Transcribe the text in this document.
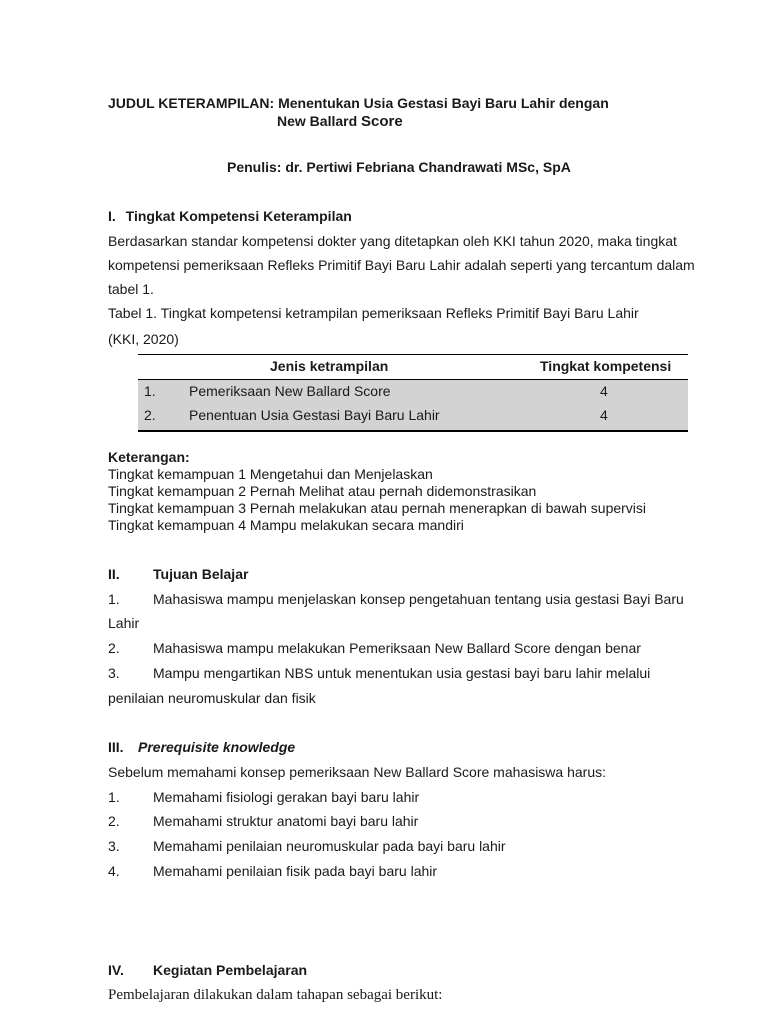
JUDUL KETERAMPILAN: Menentukan Usia Gestasi Bayi Baru Lahir dengan
New Ballard Score
Penulis: dr. Pertiwi Febriana Chandrawati MSc, SpA
I. Tingkat Kompetensi Keterampilan
Berdasarkan standar kompetensi dokter yang ditetapkan oleh KKI tahun 2020, maka tingkat
kompetensi pemeriksaan Refleks Primitif Bayi Baru Lahir adalah seperti yang tercantum dalam
tabel 1.
Tabel 1. Tingkat kompetensi ketrampilan pemeriksaan Refleks Primitif Bayi Baru Lahir
(KKI, 2020)
Jenis ketrampilan	Tingkat kompetensi
1. Pemeriksaan New Ballard Score	4
2. Penentuan Usia Gestasi Bayi Baru Lahir	4
Keterangan:
Tingkat kemampuan 1 Mengetahui dan Menjelaskan
Tingkat kemampuan 2 Pernah Melihat atau pernah didemonstrasikan
Tingkat kemampuan 3 Pernah melakukan atau pernah menerapkan di bawah supervisi
Tingkat kemampuan 4 Mampu melakukan secara mandiri
II. Tujuan Belajar
1. Mahasiswa mampu menjelaskan konsep pengetahuan tentang usia gestasi Bayi Baru
Lahir
2. Mahasiswa mampu melakukan Pemeriksaan New Ballard Score dengan benar
3. Mampu mengartikan NBS untuk menentukan usia gestasi bayi baru lahir melalui
penilaian neuromuskular dan fisik
III. Prerequisite knowledge
Sebelum memahami konsep pemeriksaan New Ballard Score mahasiswa harus:
1. Memahami fisiologi gerakan bayi baru lahir
2. Memahami struktur anatomi bayi baru lahir
3. Memahami penilaian neuromuskular pada bayi baru lahir
4. Memahami penilaian fisik pada bayi baru lahir
IV. Kegiatan Pembelajaran
Pembelajaran dilakukan dalam tahapan sebagai berikut:
